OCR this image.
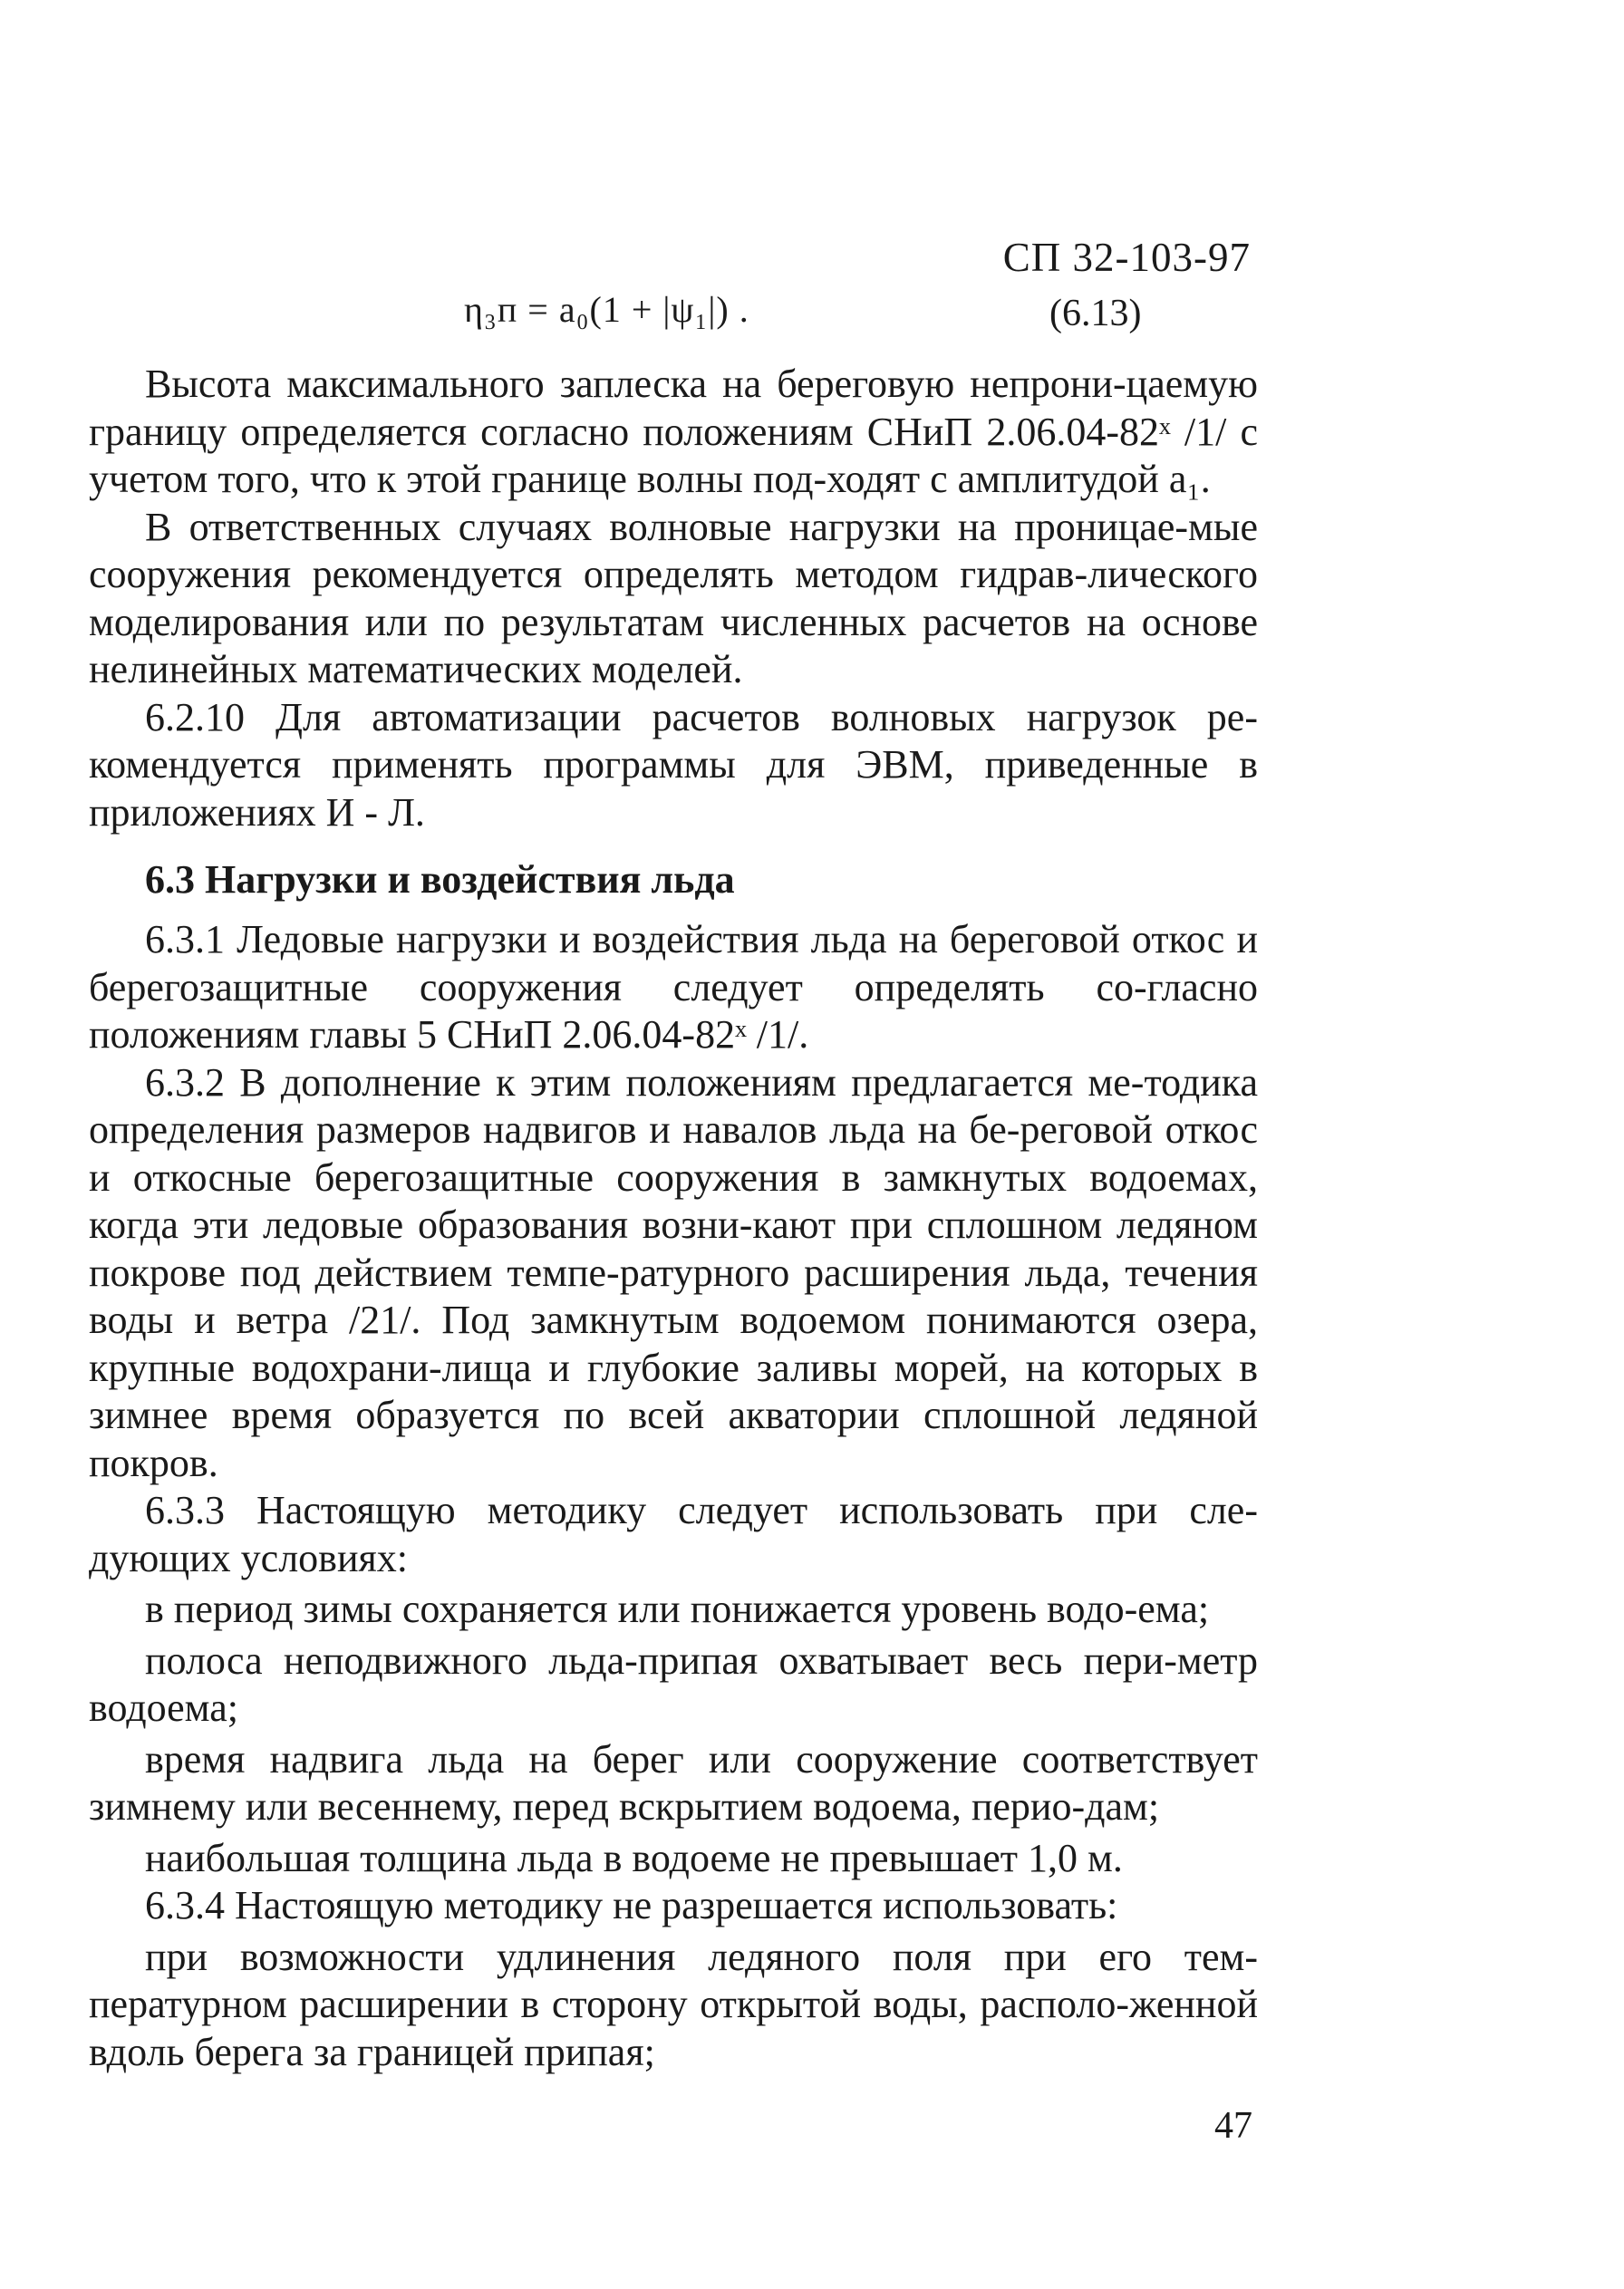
СП 32-103-97
η₃п = a₀(1 + |ψ₁|) .	(6.13)

Высота максимального заплеска на береговую непрони-цаемую границу определяется согласно положениям СНиП 2.06.04-82ˣ /1/ с учетом того, что к этой границе волны под-ходят с амплитудой a₁.

В ответственных случаях волновые нагрузки на проницае-мые сооружения рекомендуется определять методом гидрав-лического моделирования или по результатам численных расчетов на основе нелинейных математических моделей.

6.2.10 Для автоматизации расчетов волновых нагрузок ре-комендуется применять программы для ЭВМ, приведенные в приложениях И - Л.

6.3 Нагрузки и воздействия льда

6.3.1 Ледовые нагрузки и воздействия льда на береговой откос и берегозащитные сооружения следует определять со-гласно положениям главы 5 СНиП 2.06.04-82ˣ /1/.

6.3.2 В дополнение к этим положениям предлагается ме-тодика определения размеров надвигов и навалов льда на бе-реговой откос и откосные берегозащитные сооружения в замкнутых водоемах, когда эти ледовые образования возни-кают при сплошном ледяном покрове под действием темпе-ратурного расширения льда, течения воды и ветра /21/. Под замкнутым водоемом понимаются озера, крупные водохрани-лища и глубокие заливы морей, на которых в зимнее время образуется по всей акватории сплошной ледяной покров.

6.3.3 Настоящую методику следует использовать при сле-дующих условиях:

в период зимы сохраняется или понижается уровень водо-ема;

полоса неподвижного льда-припая охватывает весь пери-метр водоема;

время надвига льда на берег или сооружение соответствует зимнему или весеннему, перед вскрытием водоема, перио-дам;

наибольшая толщина льда в водоеме не превышает 1,0 м.

6.3.4 Настоящую методику не разрешается использовать:

при возможности удлинения ледяного поля при его тем-пературном расширении в сторону открытой воды, располо-женной вдоль берега за границей припая;

47
